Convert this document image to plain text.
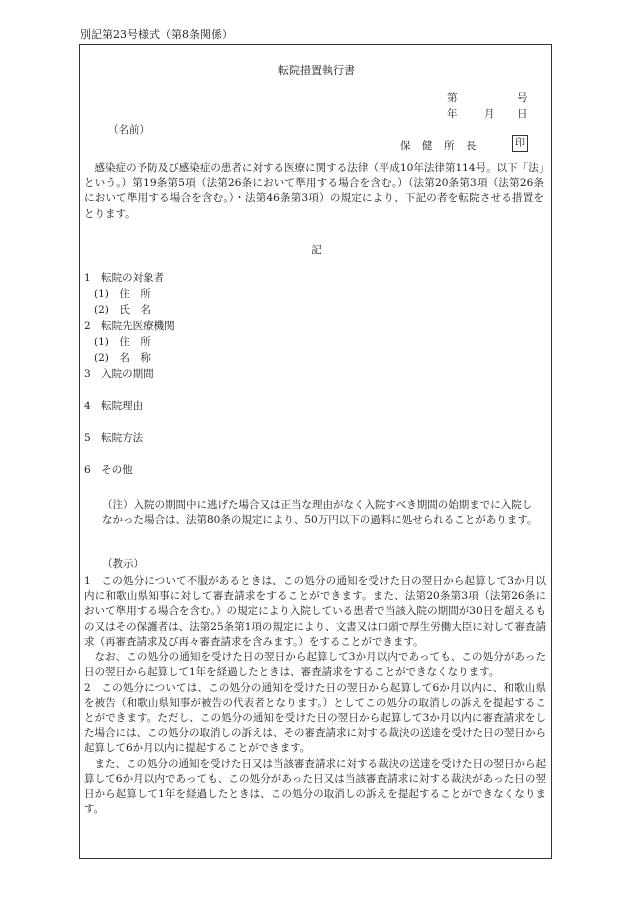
別記第23号様式（第8条関係）
転院措置執行書
第	号
年	月 日
（名前）
保　健　所　長	印

感染症の予防及び感染症の患者に対する医療に関する法律（平成10年法律第114号。以下「法」という。）第19条第5項（法第26条において準用する場合を含む。）（法第20条第3項（法第26条において準用する場合を含む。）・法第46条第3項）の規定により、下記の者を転院させる措置をとります。

記
1　転院の対象者
(1)　住　所
(2)　氏　名
2　転院先医療機関
(1)　住　所
(2)　名　称
3　入院の期間
4　転院理由
5　転院方法
6　その他
（注）入院の期間中に逃げた場合又は正当な理由がなく入院すべき期間の始期までに入院しなかった場合は、法第80条の規定により、50万円以下の過料に処せられることがあります。
（教示）

1　この処分について不服があるときは、この処分の通知を受けた日の翌日から起算して3か月以内に和歌山県知事に対して審査請求をすることができます。また、法第20条第3項（法第26条において準用する場合を含む。）の規定により入院している患者で当該入院の期間が30日を超えるもの又はその保護者は、法第25条第1項の規定により、文書又は口頭で厚生労働大臣に対して審査請求（再審査請求及び再々審査請求を含みます。）をすることができます。

なお、この処分の通知を受けた日の翌日から起算して3か月以内であっても、この処分があった日の翌日から起算して1年を経過したときは、審査請求をすることができなくなります。

2　この処分については、この処分の通知を受けた日の翌日から起算して6か月以内に、和歌山県を被告（和歌山県知事が被告の代表者となります。）としてこの処分の取消しの訴えを提起することができます。ただし、この処分の通知を受けた日の翌日から起算して3か月以内に審査請求をした場合には、この処分の取消しの訴えは、その審査請求に対する裁決の送達を受けた日の翌日から起算して6か月以内に提起することができます。

また、この処分の通知を受けた日又は当該審査請求に対する裁決の送達を受けた日の翌日から起算して6か月以内であっても、この処分があった日又は当該審査請求に対する裁決があった日の翌日から起算して1年を経過したときは、この処分の取消しの訴えを提起することができなくなります。
